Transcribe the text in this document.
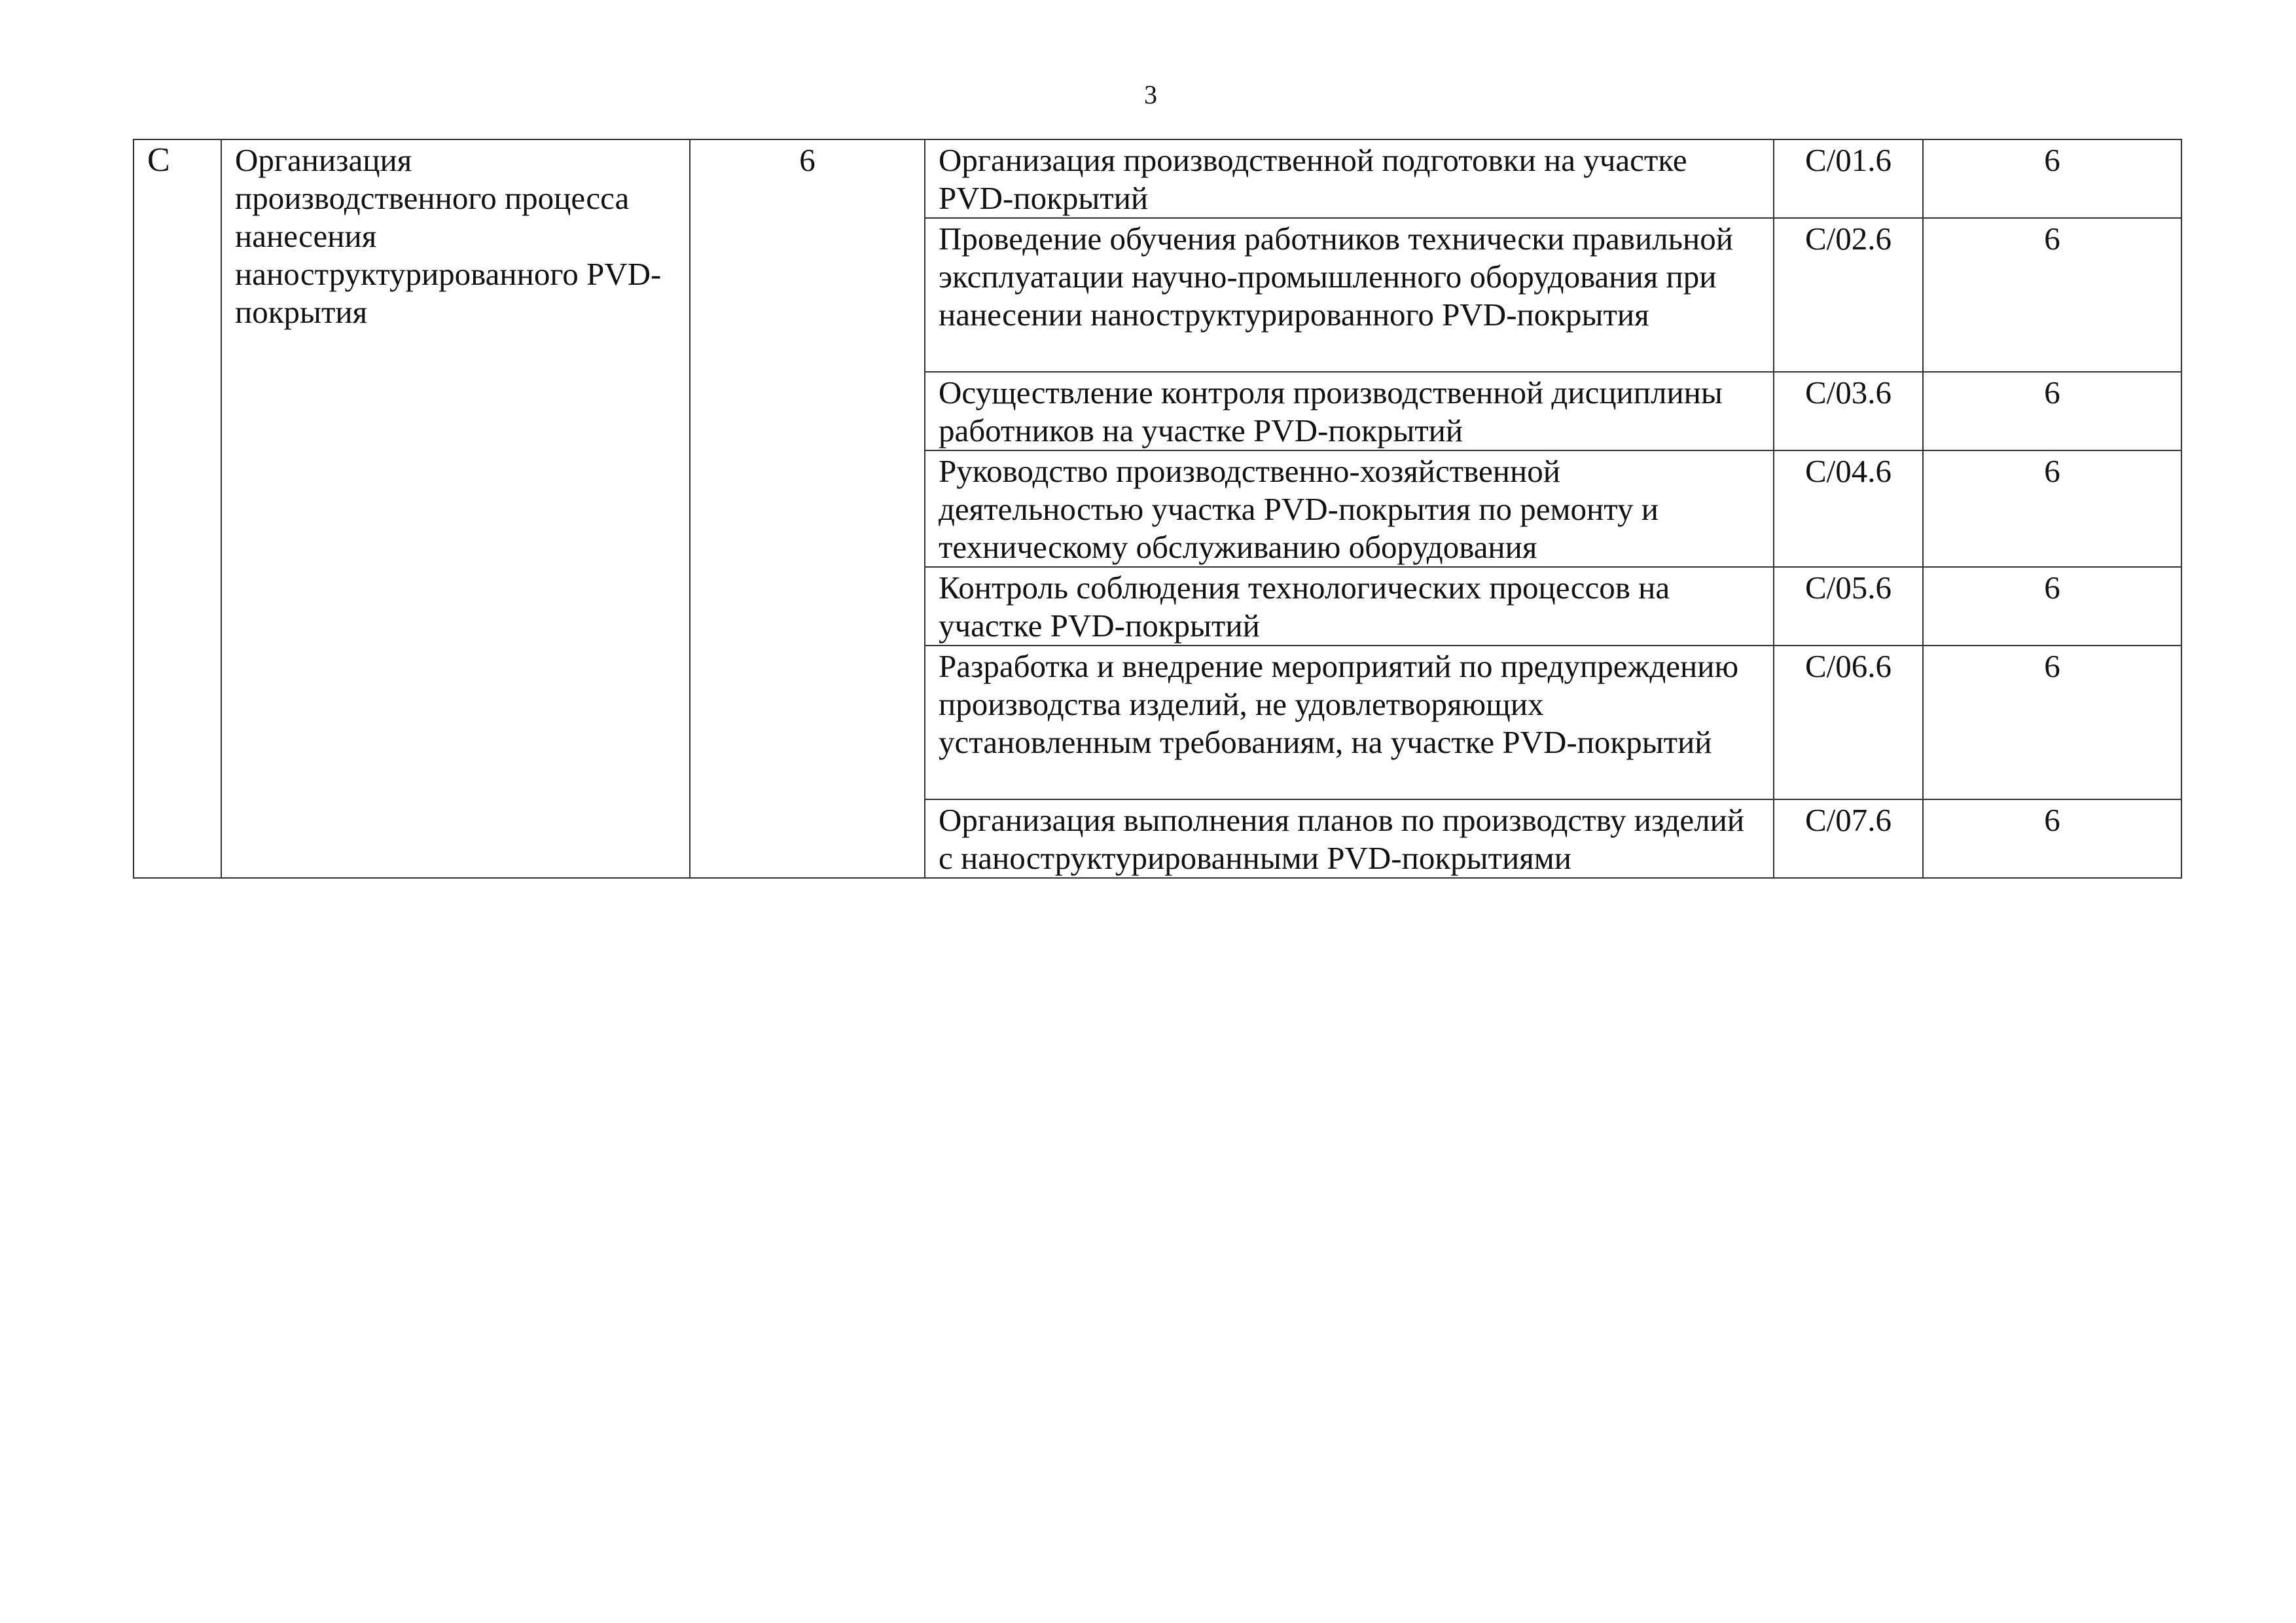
3
C	Организация производственного процесса нанесения наноструктурированного PVD-покрытия	6	Организация производственной подготовки на участке PVD-покрытий	C/01.6	6
			Проведение обучения работников технически правильной эксплуатации научно-промышленного оборудования при нанесении наноструктурированного PVD-покрытия	C/02.6	6
			Осуществление контроля производственной дисциплины работников на участке PVD-покрытий	C/03.6	6
			Руководство производственно-хозяйственной деятельностью участка PVD-покрытия по ремонту и техническому обслуживанию оборудования	C/04.6	6
			Контроль соблюдения технологических процессов на участке PVD-покрытий	C/05.6	6
			Разработка и внедрение мероприятий по предупреждению производства изделий, не удовлетворяющих установленным требованиям, на участке PVD-покрытий	C/06.6	6
			Организация выполнения планов по производству изделий с наноструктурированными PVD-покрытиями	C/07.6	6
